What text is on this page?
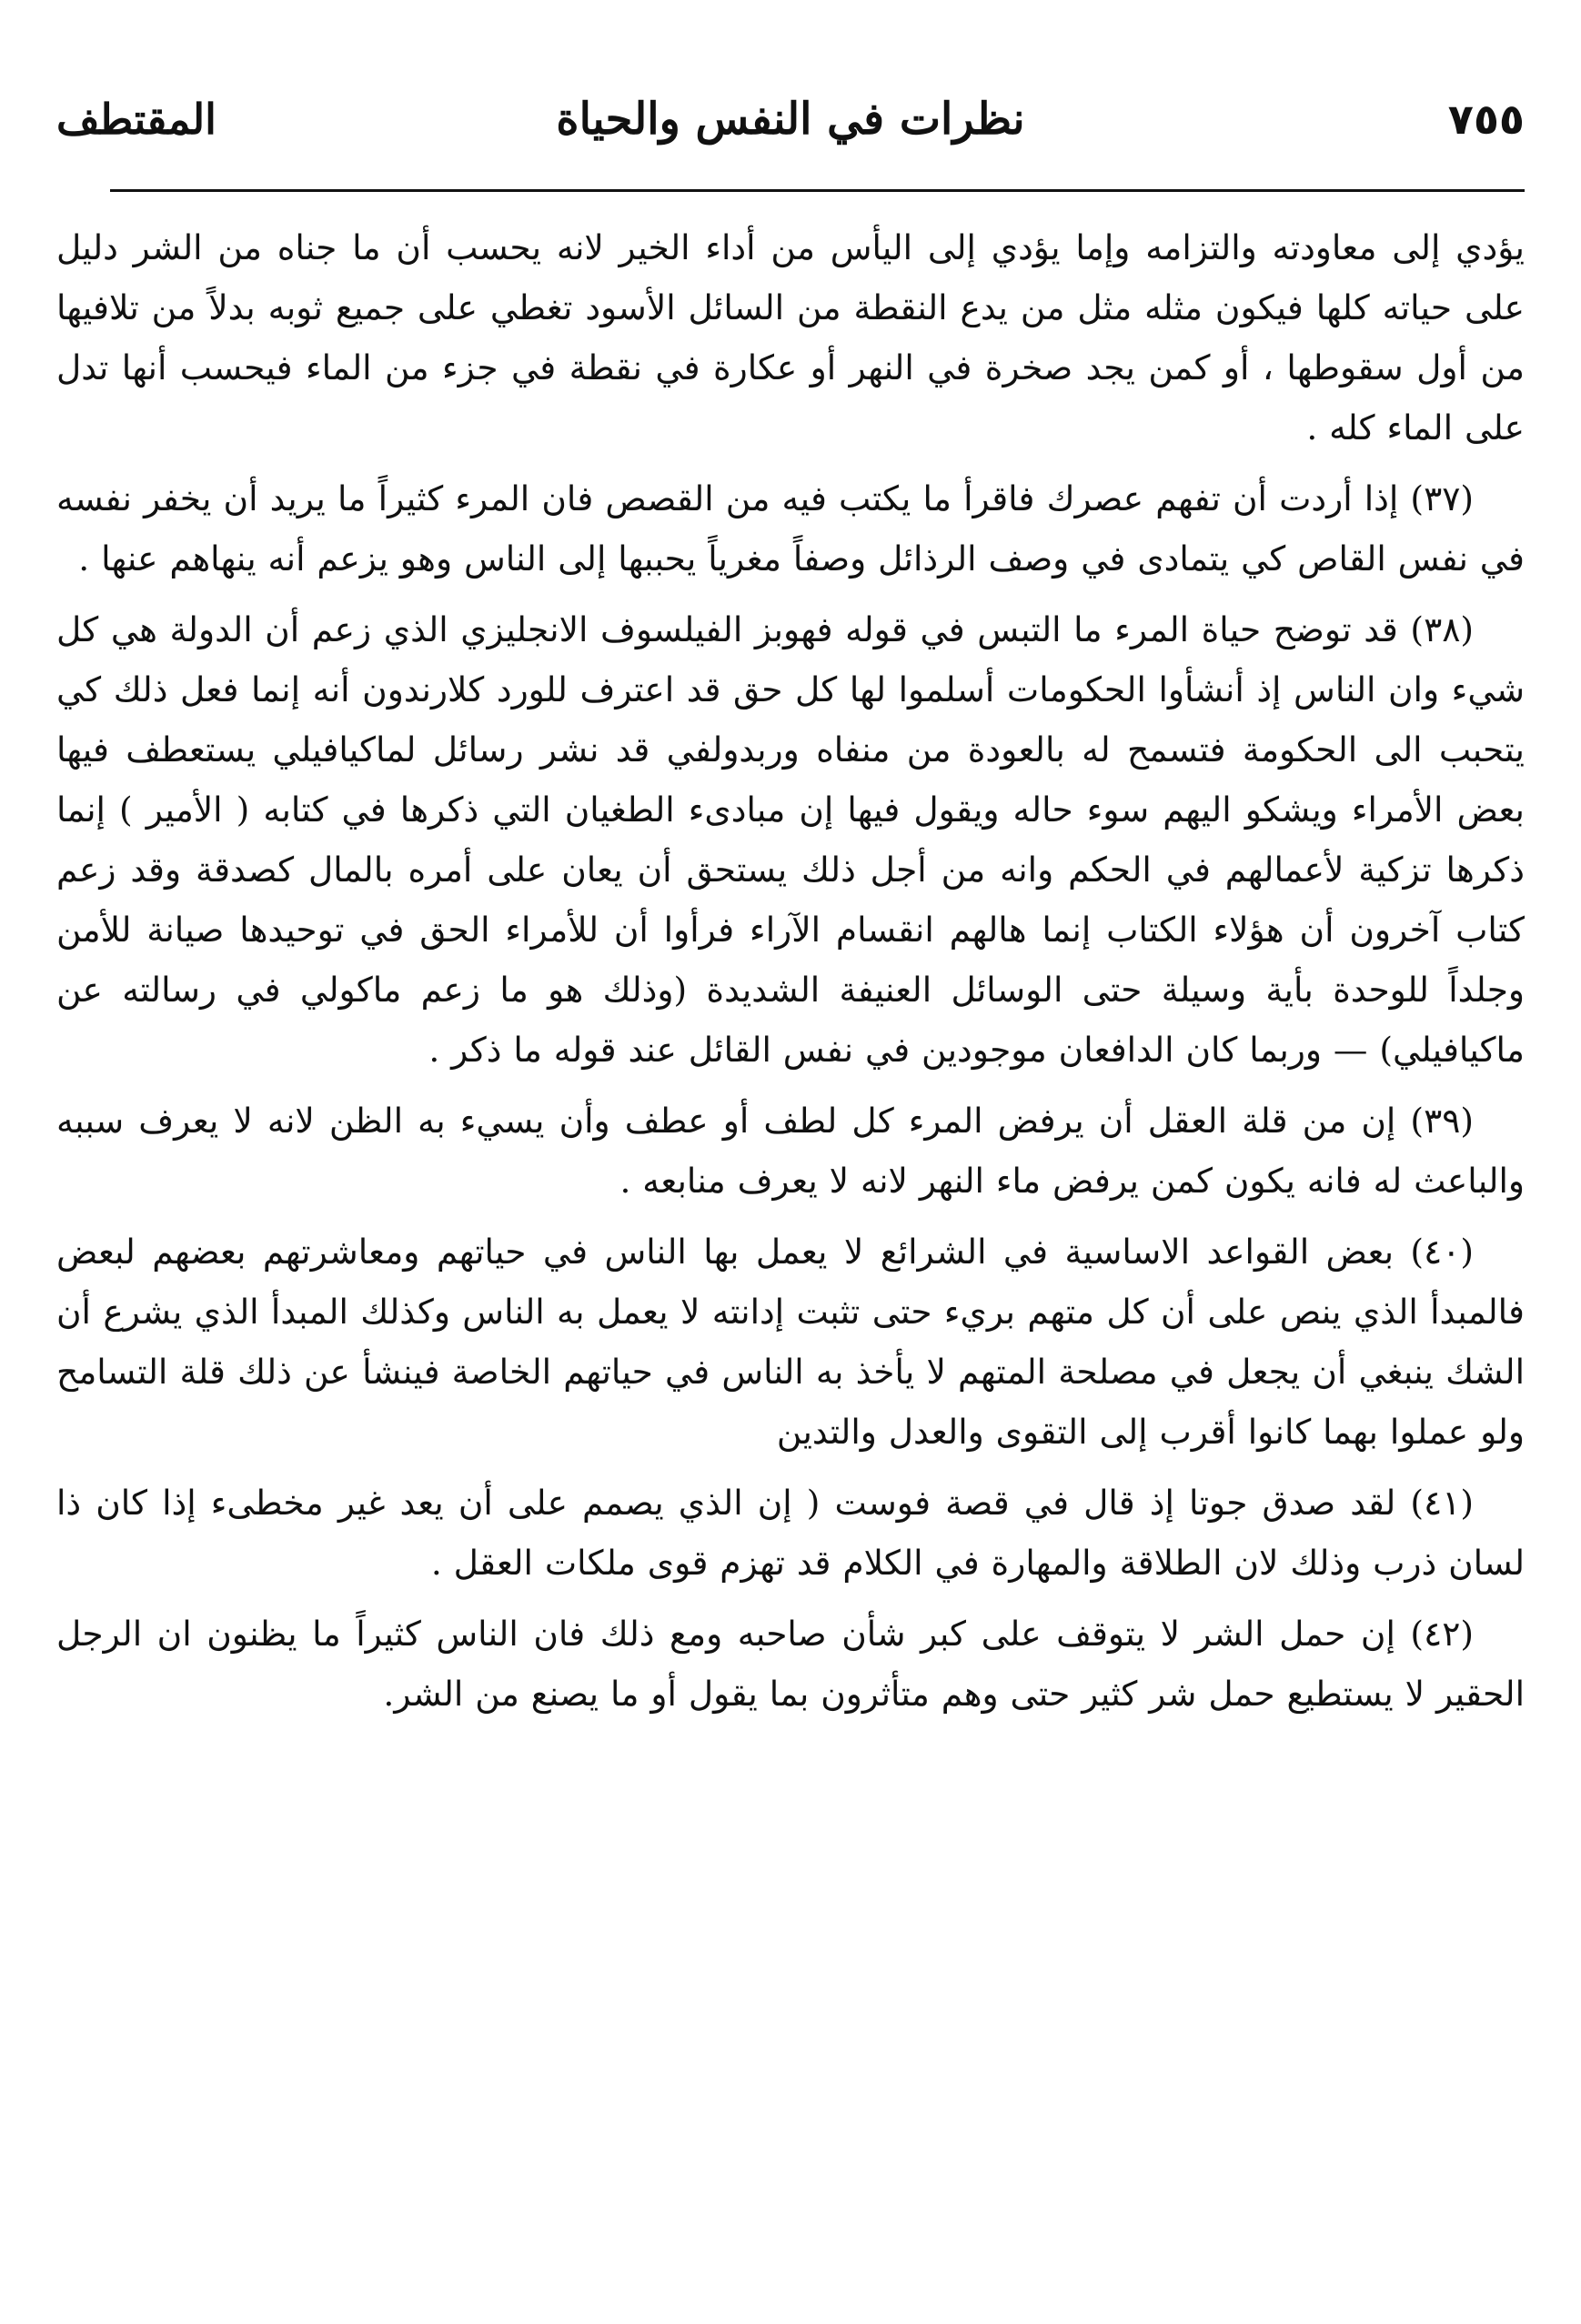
٧٥٥
نظرات في النفس والحياة
المقتطف

يؤدي إلى معاودته والتزامه وإما يؤدي إلى اليأس من أداء الخير لانه يحسب أن ما جناه من الشر دليل على حياته كلها فيكون مثله مثل من يدع النقطة من السائل الأسود تغطي على جميع ثوبه بدلاً من تلافيها من أول سقوطها ، أو كمن يجد صخرة في النهر أو عكارة في نقطة في جزء من الماء فيحسب أنها تدل على الماء كله .

(٣٧) إذا أردت أن تفهم عصرك فاقرأ ما يكتب فيه من القصص فان المرء كثيراً ما يريد أن يخفر نفسه في نفس القاص كي يتمادى في وصف الرذائل وصفاً مغرياً يحببها إلى الناس وهو يزعم أنه ينهاهم عنها .

(٣٨) قد توضح حياة المرء ما التبس في قوله فهوبز الفيلسوف الانجليزي الذي زعم أن الدولة هي كل شيء وان الناس إذ أنشأوا الحكومات أسلموا لها كل حق قد اعترف للورد كلارندون أنه إنما فعل ذلك كي يتحبب الى الحكومة فتسمح له بالعودة من منفاه وربدولفي قد نشر رسائل لماكيافيلي يستعطف فيها بعض الأمراء ويشكو اليهم سوء حاله ويقول فيها إن مبادىء الطغيان التي ذكرها في كتابه ( الأمير ) إنما ذكرها تزكية لأعمالهم في الحكم وانه من أجل ذلك يستحق أن يعان على أمره بالمال كصدقة وقد زعم كتاب آخرون أن هؤلاء الكتاب إنما هالهم انقسام الآراء فرأوا أن للأمراء الحق في توحيدها صيانة للأمن وجلداً للوحدة بأية وسيلة حتى الوسائل العنيفة الشديدة (وذلك هو ما زعم ماكولي في رسالته عن ماكيافيلي) — وربما كان الدافعان موجودين في نفس القائل عند قوله ما ذكر .

(٣٩) إن من قلة العقل أن يرفض المرء كل لطف أو عطف وأن يسيء به الظن لانه لا يعرف سببه والباعث له فانه يكون كمن يرفض ماء النهر لانه لا يعرف منابعه .

(٤٠) بعض القواعد الاساسية في الشرائع لا يعمل بها الناس في حياتهم ومعاشرتهم بعضهم لبعض فالمبدأ الذي ينص على أن كل متهم بريء حتى تثبت إدانته لا يعمل به الناس وكذلك المبدأ الذي يشرع أن الشك ينبغي أن يجعل في مصلحة المتهم لا يأخذ به الناس في حياتهم الخاصة فينشأ عن ذلك قلة التسامح ولو عملوا بهما كانوا أقرب إلى التقوى والعدل والتدين

(٤١) لقد صدق جوتا إذ قال في قصة فوست ( إن الذي يصمم على أن يعد غير مخطىء إذا كان ذا لسان ذرب وذلك لان الطلاقة والمهارة في الكلام قد تهزم قوى ملكات العقل .

(٤٢) إن حمل الشر لا يتوقف على كبر شأن صاحبه ومع ذلك فان الناس كثيراً ما يظنون ان الرجل الحقير لا يستطيع حمل شر كثير حتى وهم متأثرون بما يقول أو ما يصنع من الشر.
